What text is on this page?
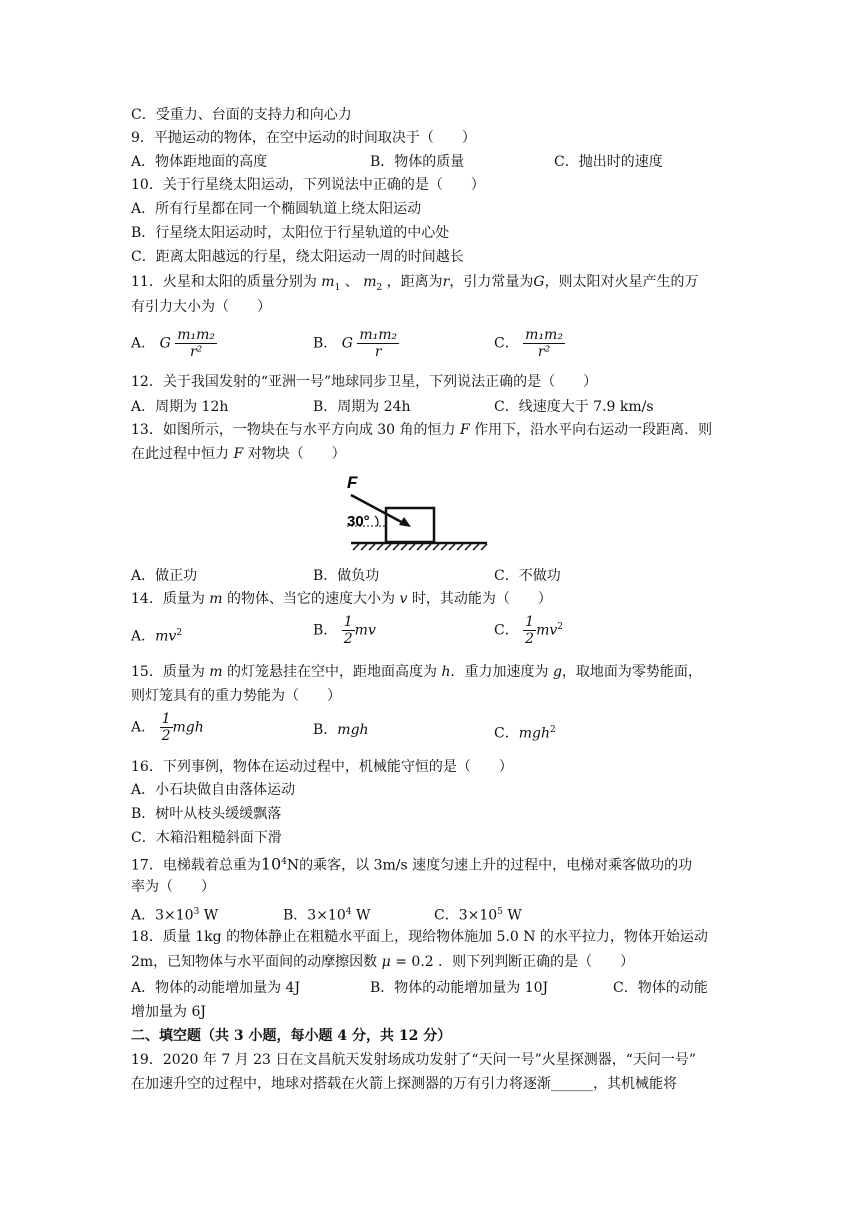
C．受重力、台面的支持力和向心力
9．平抛运动的物体，在空中运动的时间取决于（　　）
A．物体距地面的高度	B．物体的质量	C．抛出时的速度
10．关于行星绕太阳运动，下列说法中正确的是（　　）
A．所有行星都在同一个椭圆轨道上绕太阳运动
B．行星绕太阳运动时，太阳位于行星轨道的中心处
C．距离太阳越远的行星，绕太阳运动一周的时间越长
11．火星和太阳的质量分别为 $m_1$ 、 $m_2$ ，距离为r，引力常量为G，则太阳对火星产生的万
有引力大小为（　　）
A． G $\frac{\text{m₁m₂}}{\text{r²}}$	B． G $\frac{\text{m₁m₂}}{r}$	C． $\frac{\text{m₁m₂}}{\text{r²}}$
12．关于我国发射的“亚洲一号”地球同步卫星，下列说法正确的是（　　）
A．周期为 12h	B．周期为 24h	C．线速度大于 7.9 km/s
13．如图所示，一物块在与水平方向成 30 角的恒力 F 作用下，沿水平向右运动一段距离．则
在此过程中恒力 F 对物块（　　）
30°
F
A．做正功	B．做负功	C．不做功
14．质量为 m 的物体、当它的速度大小为 v 时，其动能为（　　）
A．$mv^2$	B． $\frac{1}{2}$ mv	C． $\frac{1}{2} mv^2$
15．质量为 m 的灯笼悬挂在空中，距地面高度为 h．重力加速度为 g，取地面为零势能面，
则灯笼具有的重力势能为（　　）
A． $\frac{1}{2}$ mgh	B．mgh	C．mgh$^2$
16．下列事例，物体在运动过程中，机械能守恒的是（　　）
A．小石块做自由落体运动
B．树叶从枝头缓缓飘落
C．木箱沿粗糙斜面下滑
17．电梯载着总重为$10^4N$的乘客，以 3m/s 速度匀速上升的过程中，电梯对乘客做功的功
率为（　　）
A．$3\times 10^3$ W	B．$3\times 10^4$ W	C．$3\times 10^5$ W
18．质量 1kg 的物体静止在粗糙水平面上，现给物体施加 5.0 N 的水平拉力，物体开始运动
2m，已知物体与水平面间的动摩擦因数 μ = 0.2 ．则下列判断正确的是（　　）
A．物体的动能增加量为 4J	B．物体的动能增加量为 10J	C．物体的动能
增加量为 6J
二、填空题（共 3 小题，每小题 4 分，共 12 分）
19．2020 年 7 月 23 日在文昌航天发射场成功发射了“天问一号”火星探测器，“天问一号”
在加速升空的过程中，地球对搭载在火箭上探测器的万有引力将逐渐______，其机械能将
